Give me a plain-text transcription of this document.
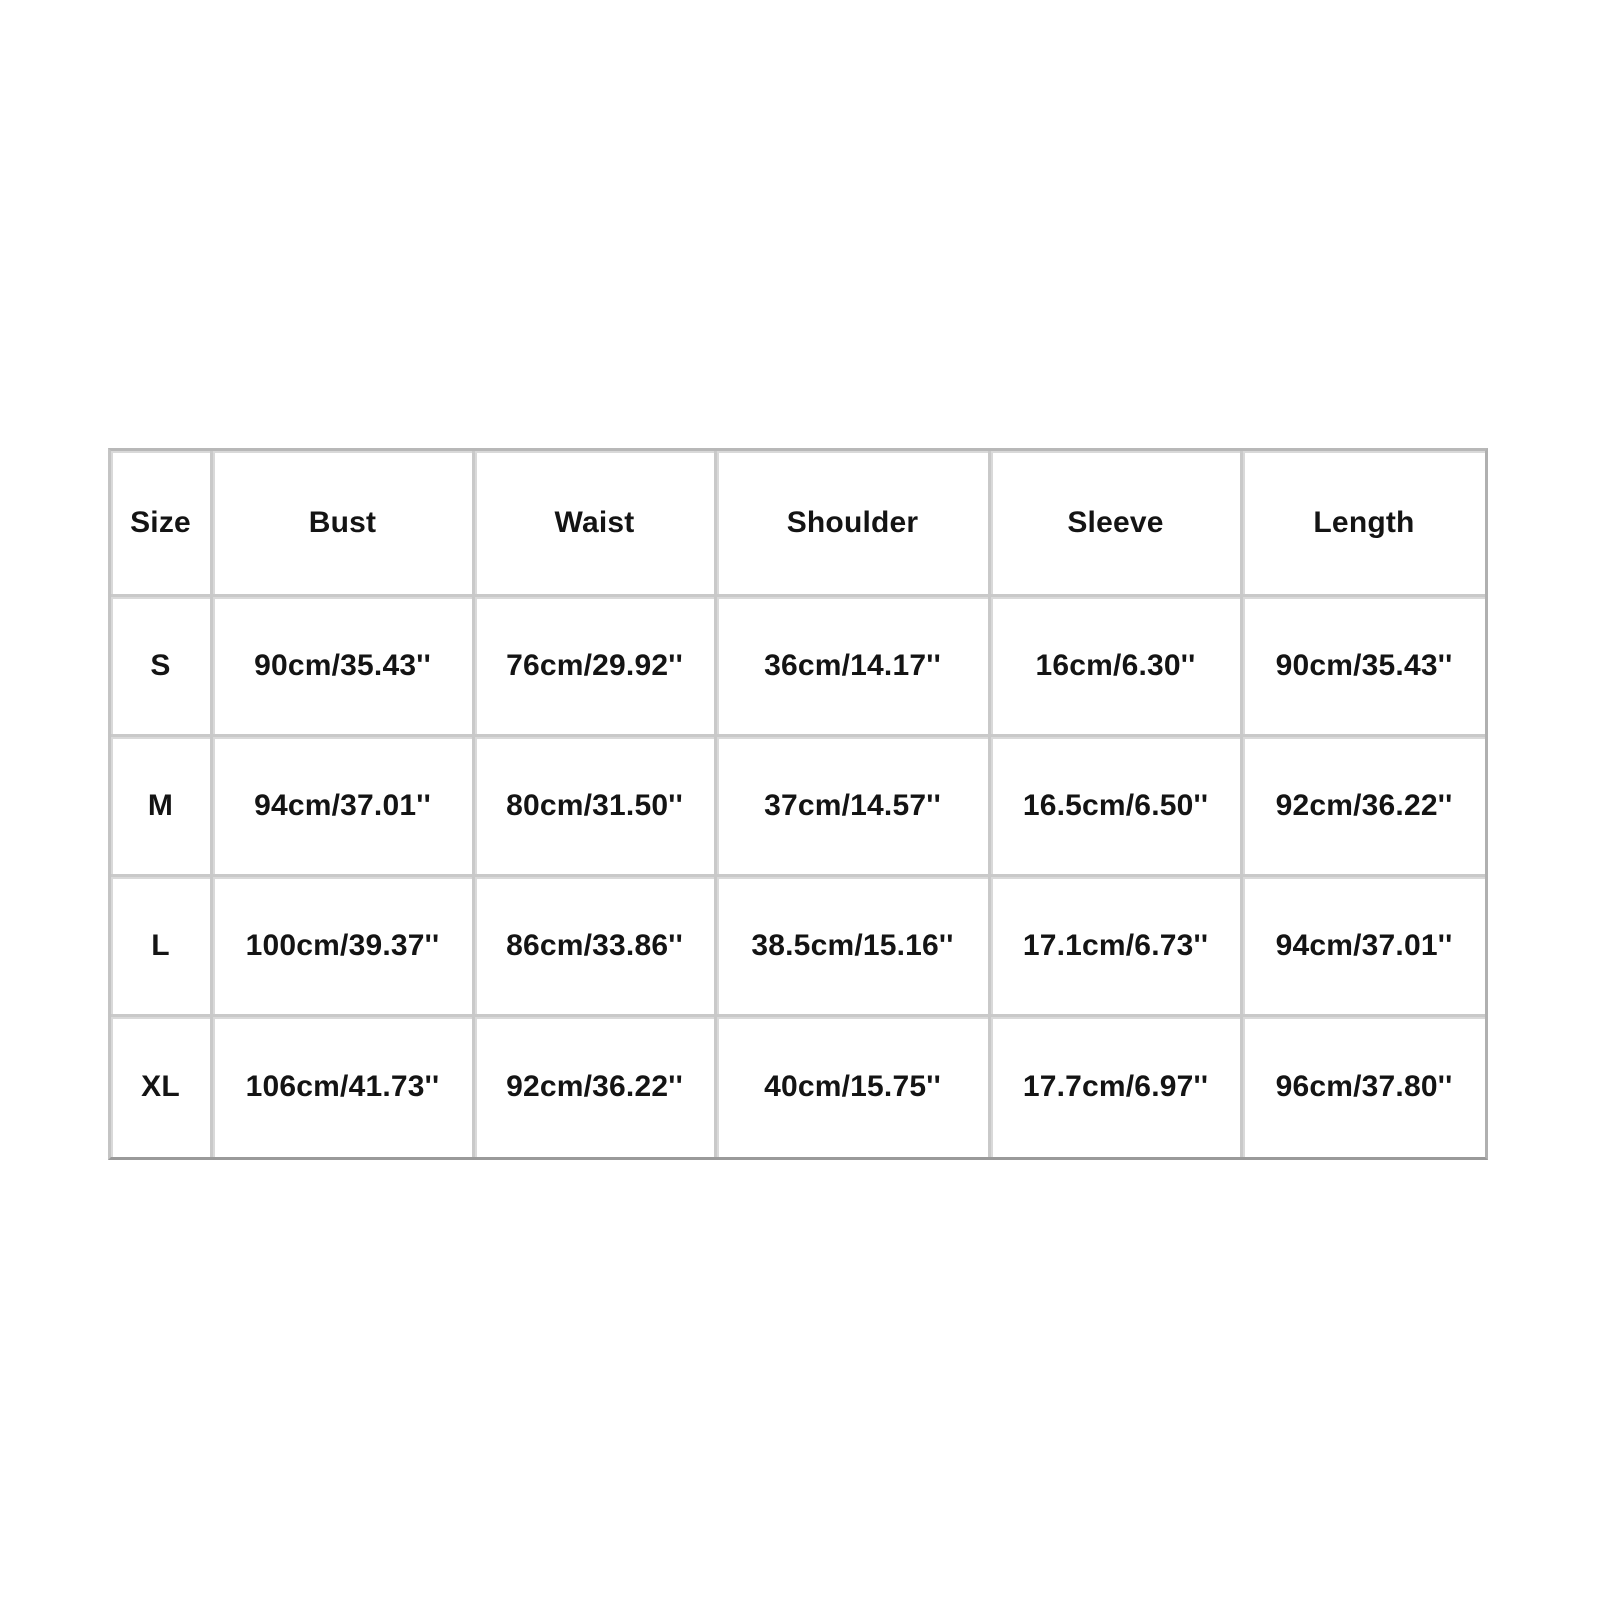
Size	Bust	Waist	Shoulder	Sleeve	Length
S	90cm/35.43''	76cm/29.92''	36cm/14.17''	16cm/6.30''	90cm/35.43''
M	94cm/37.01''	80cm/31.50''	37cm/14.57''	16.5cm/6.50''	92cm/36.22''
L	100cm/39.37''	86cm/33.86''	38.5cm/15.16''	17.1cm/6.73''	94cm/37.01''
XL	106cm/41.73''	92cm/36.22''	40cm/15.75''	17.7cm/6.97''	96cm/37.80''
